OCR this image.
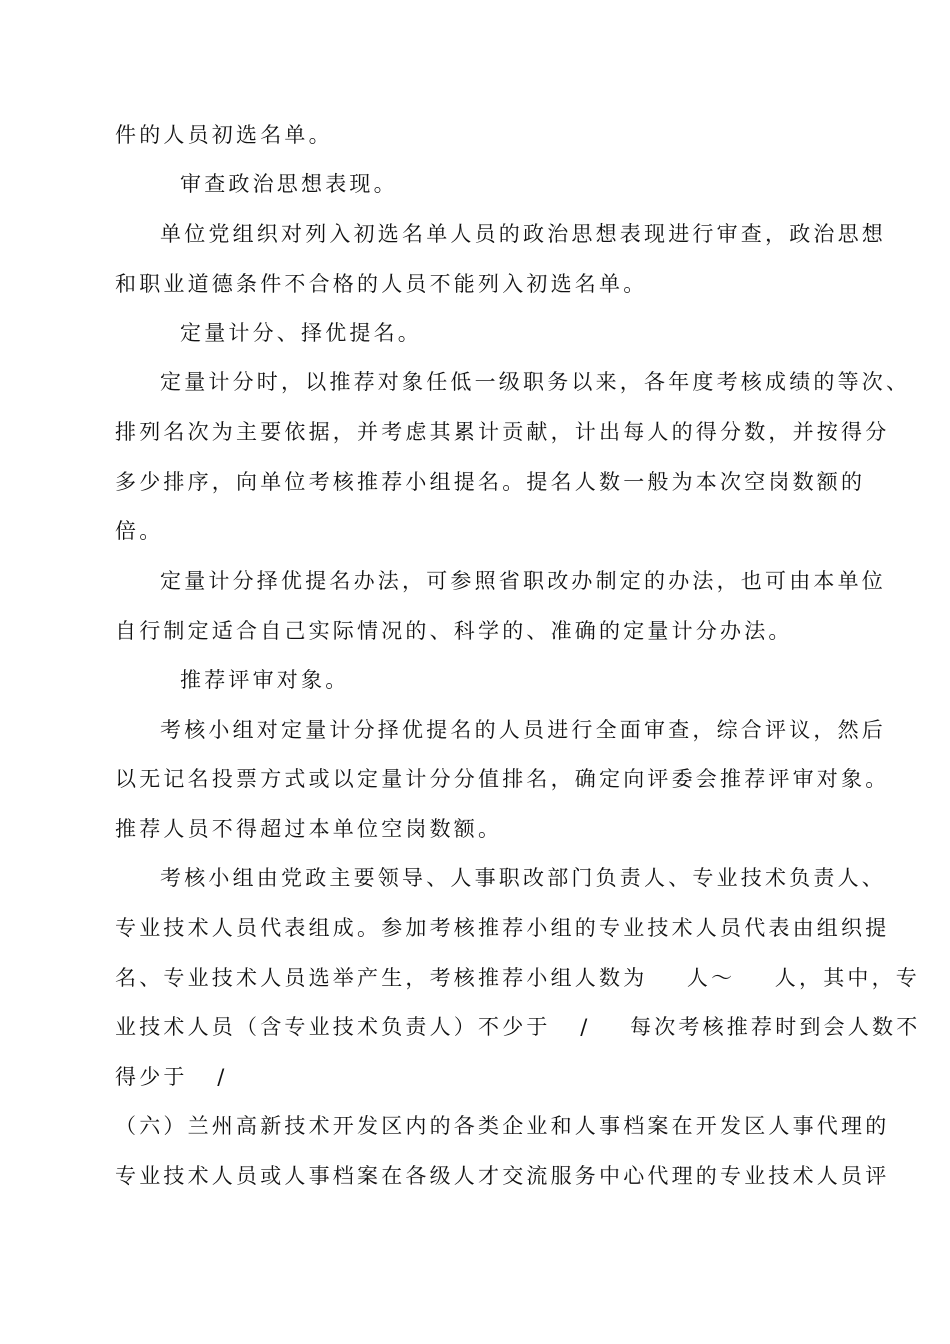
件的人员初选名单。
审查政治思想表现。
单位党组织对列入初选名单人员的政治思想表现进行审查，政治思想
和职业道德条件不合格的人员不能列入初选名单。
定量计分、择优提名。
定量计分时，以推荐对象任低一级职务以来，各年度考核成绩的等次、
排列名次为主要依据，并考虑其累计贡献，计出每人的得分数，并按得分
多少排序，向单位考核推荐小组提名。提名人数一般为本次空岗数额的
倍。
定量计分择优提名办法，可参照省职改办制定的办法，也可由本单位
自行制定适合自己实际情况的、科学的、准确的定量计分办法。
推荐评审对象。
考核小组对定量计分择优提名的人员进行全面审查，综合评议，然后
以无记名投票方式或以定量计分分值排名，确定向评委会推荐评审对象。
推荐人员不得超过本单位空岗数额。
考核小组由党政主要领导、人事职改部门负责人、专业技术负责人、
专业技术人员代表组成。参加考核推荐小组的专业技术人员代表由组织提
名、专业技术人员选举产生，考核推荐小组人数为    人～    人，其中，专
业技术人员（含专业技术负责人）不少于   /    每次考核推荐时到会人数不
得少于   /
（六）兰州高新技术开发区内的各类企业和人事档案在开发区人事代理的
专业技术人员或人事档案在各级人才交流服务中心代理的专业技术人员评
